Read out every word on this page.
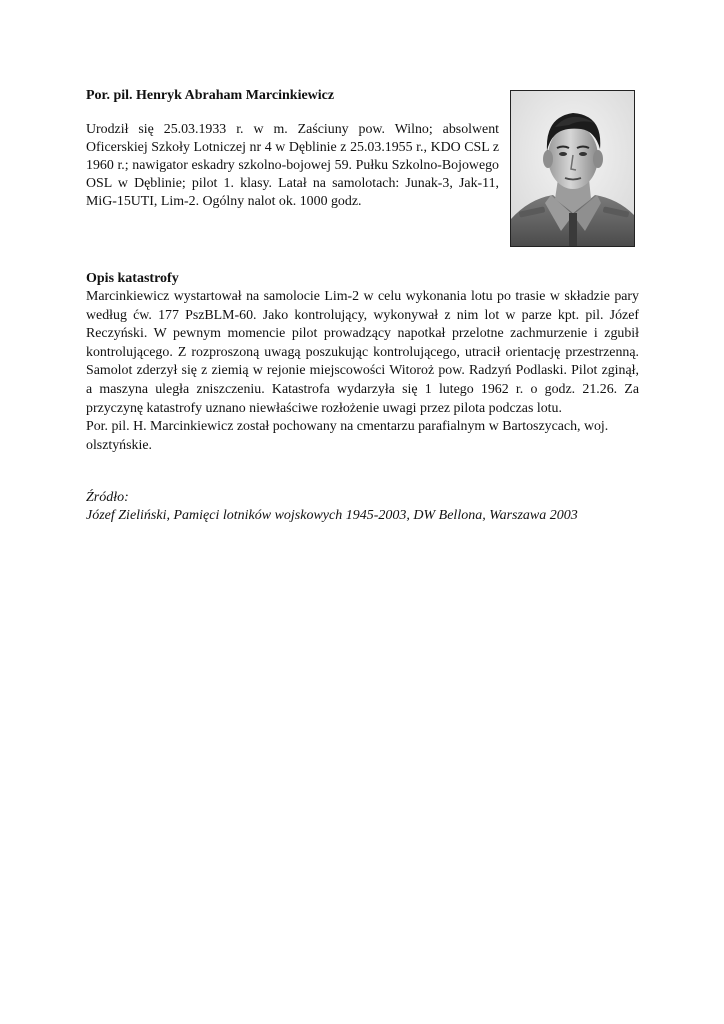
Por. pil. Henryk Abraham Marcinkiewicz
Urodził się 25.03.1933 r. w m. Zaściuny pow. Wilno; absolwent Oficerskiej Szkoły Lotniczej nr 4 w Dęblinie z 25.03.1955 r., KDO CSL z 1960 r.; nawigator eskadry szkolno-bojowej 59. Pułku Szkolno-Bojowego OSL w Dęblinie; pilot 1. klasy. Latał na samolotach: Junak-3, Jak-11, MiG-15UTI, Lim-2. Ogólny nalot ok. 1000 godz.
Opis katastrofy

Marcinkiewicz wystartował na samolocie Lim-2 w celu wykonania lotu po trasie w składzie pary według ćw. 177 PszBLM-60. Jako kontrolujący, wykonywał z nim lot w parze kpt. pil. Józef Reczyński. W pewnym momencie pilot prowadzący napotkał przelotne zachmurzenie i zgubił kontrolującego. Z rozproszoną uwagą poszukując kontrolującego, utracił orientację przestrzenną. Samolot zderzył się z ziemią w rejonie miejscowości Witoroż pow. Radzyń Podlaski. Pilot zginął, a maszyna uległa zniszczeniu. Katastrofa wydarzyła się 1 lutego 1962 r. o godz. 21.26. Za przyczynę katastrofy uznano niewłaściwe rozłożenie uwagi przez pilota podczas lotu.

Por. pil. H. Marcinkiewicz został pochowany na cmentarzu parafialnym w Bartoszycach, woj. olsztyńskie.

Źródło:
Józef Zieliński, Pamięci lotników wojskowych 1945-2003, DW Bellona, Warszawa 2003
